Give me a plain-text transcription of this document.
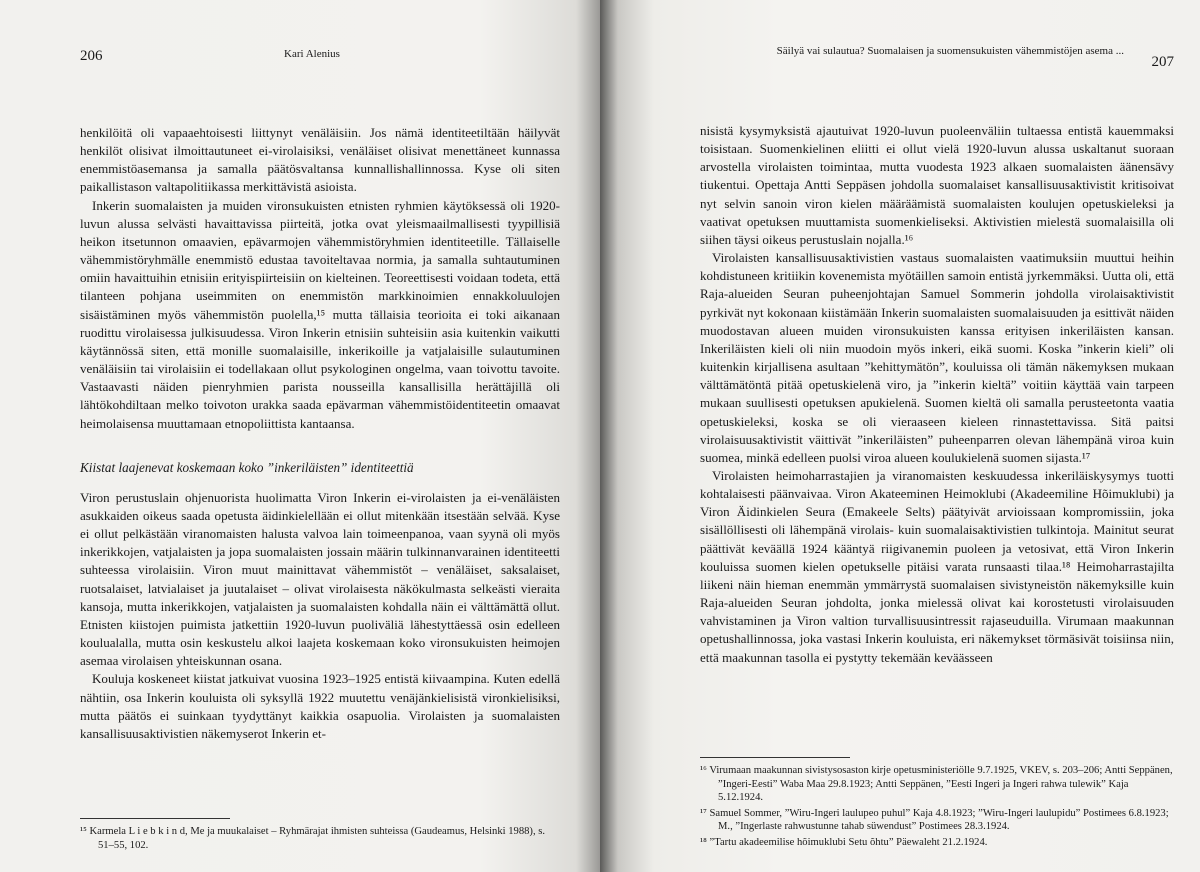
206	Kari Alenius

henkilöitä oli vapaaehtoisesti liittynyt venäläisiin. Jos nämä identiteetiltään häilyvät henkilöt olisivat ilmoittautuneet ei-virolaisiksi, venäläiset olisivat menettäneet kunnassa enemmistöasemansa ja samalla päätösvaltansa kunnallishallinnossa. Kyse oli siten paikallistason valtapolitiikassa merkittävistä asioista.

Inkerin suomalaisten ja muiden vironsukuisten etnisten ryhmien käytöksessä oli 1920-luvun alussa selvästi havaittavissa piirteitä, jotka ovat yleismaailmallisesti tyypillisiä heikon itsetunnon omaavien, epävarmojen vähemmistöryhmien identiteetille. Tällaiselle vähemmistöryhmälle enemmistö edustaa tavoiteltavaa normia, ja samalla suhtautuminen omiin havaittuihin etnisiin erityispiirteisiin on kielteinen. Teoreettisesti voidaan todeta, että tilanteen pohjana useimmiten on enemmistön markkinoimien ennakkoluulojen sisäistäminen myös vähemmistön puolella,¹⁵ mutta tällaisia teorioita ei toki aikanaan ruodittu virolaisessa julkisuudessa. Viron Inkerin etnisiin suhteisiin asia kuitenkin vaikutti käytännössä siten, että monille suomalaisille, inkerikoille ja vatjalaisille sulautuminen venäläisiin tai virolaisiin ei todellakaan ollut psykologinen ongelma, vaan toivottu tavoite. Vastaavasti näiden pienryhmien parista nousseilla kansallisilla herättäjillä oli lähtökohdiltaan melko toivoton urakka saada epävarman vähemmistöidentiteetin omaavat heimolaisensa muuttamaan etnopoliittista kantaansa.

Kiistat laajenevat koskemaan koko ”inkeriläisten” identiteettiä

Viron perustuslain ohjenuorista huolimatta Viron Inkerin ei-virolaisten ja ei-venäläisten asukkaiden oikeus saada opetusta äidinkielellään ei ollut mitenkään itsestään selvää. Kyse ei ollut pelkästään viranomaisten halusta valvoa lain toimeenpanoa, vaan syynä oli myös inkerikkojen, vatjalaisten ja jopa suomalaisten jossain määrin tulkinnanvarainen identiteetti suhteessa virolaisiin. Viron muut mainittavat vähemmistöt – venäläiset, saksalaiset, ruotsalaiset, latvialaiset ja juutalaiset – olivat virolaisesta näkökulmasta selkeästi vieraita kansoja, mutta inkerikkojen, vatjalaisten ja suomalaisten kohdalla näin ei välttämättä ollut. Etnisten kiistojen puimista jatkettiin 1920-luvun puoliväliä lähestyttäessä osin edelleen koulualalla, mutta osin keskustelu alkoi laajeta koskemaan koko vironsukuisten heimojen asemaa virolaisen yhteiskunnan osana.

Kouluja koskeneet kiistat jatkuivat vuosina 1923–1925 entistä kiivaampina. Kuten edellä nähtiin, osa Inkerin kouluista oli syksyllä 1922 muutettu venäjänkielisistä vironkielisiksi, mutta päätös ei suinkaan tyydyttänyt kaikkia osapuolia. Virolaisten ja suomalaisten kansallisuusaktivistien näkemyserot Inkerin et-

¹⁵ Karmela L i e b k i n d, Me ja muukalaiset – Ryhmärajat ihmisten suhteissa (Gaudeamus, Helsinki 1988), s. 51–55, 102.

Säilyä vai sulautua? Suomalaisen ja suomensukuisten vähemmistöjen asema ...
207

nisistä kysymyksistä ajautuivat 1920-luvun puoleenväliin tultaessa entistä kauemmaksi toisistaan. Suomenkielinen eliitti ei ollut vielä 1920-luvun alussa uskaltanut suoraan arvostella virolaisten toimintaa, mutta vuodesta 1923 alkaen suomalaisten äänensävy tiukentui. Opettaja Antti Seppäsen johdolla suomalaiset kansallisuusaktivistit kritisoivat nyt selvin sanoin viron kielen määräämistä suomalaisten koulujen opetuskieleksi ja vaativat opetuksen muuttamista suomenkieliseksi. Aktivistien mielestä suomalaisilla oli siihen täysi oikeus perustuslain nojalla.¹⁶

Virolaisten kansallisuusaktivistien vastaus suomalaisten vaatimuksiin muuttui heihin kohdistuneen kritiikin kovenemista myötäillen samoin entistä jyrkemmäksi. Uutta oli, että Raja-alueiden Seuran puheenjohtajan Samuel Sommerin johdolla virolaisaktivistit pyrkivät nyt kokonaan kiistämään Inkerin suomalaisten suomalaisuuden ja esittivät näiden muodostavan alueen muiden vironsukuisten kanssa erityisen inkeriläisten kansan. Inkeriläisten kieli oli niin muodoin myös inkeri, eikä suomi. Koska ”inkerin kieli” oli kuitenkin kirjallisena asultaan ”kehittymätön”, kouluissa oli tämän näkemyksen mukaan välttämätöntä pitää opetuskielenä viro, ja ”inkerin kieltä” voitiin käyttää vain tarpeen mukaan suullisesti opetuksen apukielenä. Suomen kieltä oli samalla perusteetonta vaatia opetuskieleksi, koska se oli vieraaseen kieleen rinnastettavissa. Sitä paitsi virolaisuusaktivistit väittivät ”inkeriläisten” puheenparren olevan lähempänä viroa kuin suomea, minkä edelleen puolsi viroa alueen koulukielenä suomen sijasta.¹⁷

Virolaisten heimoharrastajien ja viranomaisten keskuudessa inkeriläiskysymys tuotti kohtalaisesti päänvaivaa. Viron Akateeminen Heimoklubi (Akadeemiline Hõimuklubi) ja Viron Äidinkielen Seura (Emakeele Selts) päätyivät arvioissaan kompromissiin, joka sisällöllisesti oli lähempänä virolais- kuin suomalaisaktivistien tulkintoja. Mainitut seurat päättivät keväällä 1924 kääntyä riigivanemin puoleen ja vetosivat, että Viron Inkerin kouluissa suomen kielen opetukselle pitäisi varata runsaasti tilaa.¹⁸ Heimoharrastajilta liikeni näin hieman enemmän ymmärrystä suomalaisen sivistyneistön näkemyksille kuin Raja-alueiden Seuran johdolta, jonka mielessä olivat kai korostetusti virolaisuuden vahvistaminen ja Viron valtion turvallisuusintressit rajaseuduilla. Virumaan maakunnan opetushallinnossa, joka vastasi Inkerin kouluista, eri näkemykset törmäsivät toisiinsa niin, että maakunnan tasolla ei pystytty tekemään keväässeen

¹⁶ Virumaan maakunnan sivistysosaston kirje opetusministeriölle 9.7.1925, VKEV, s. 203–206; Antti Seppänen, ”Ingeri-Eesti” Waba Maa 29.8.1923; Antti Seppänen, ”Eesti Ingeri ja Ingeri rahwa tulewik” Kaja 5.12.1924.

¹⁷ Samuel Sommer, ”Wiru-Ingeri laulupeo puhul” Kaja 4.8.1923; ”Wiru-Ingeri laulupidu” Postimees 6.8.1923; M., ”Ingerlaste rahwustunne tahab süwendust” Postimees 28.3.1924.

¹⁸ ”Tartu akadeemilise hõimuklubi Setu õhtu” Päewaleht 21.2.1924.
